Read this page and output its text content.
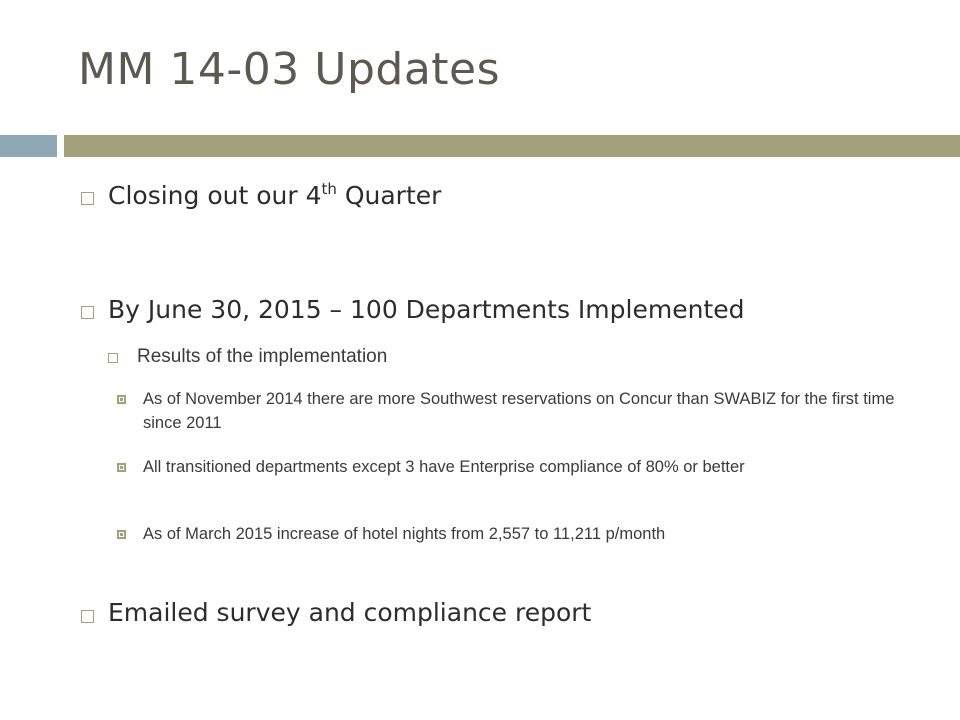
MM 14-03 Updates
Closing out our 4th Quarter
By June 30, 2015 – 100 Departments Implemented
Results of the implementation
As of November 2014 there are more Southwest reservations on Concur than SWABIZ for the first time since 2011
All transitioned departments except 3 have Enterprise compliance of 80% or better
As of March 2015 increase of hotel nights from 2,557 to 11,211 p/month
Emailed survey and compliance report
